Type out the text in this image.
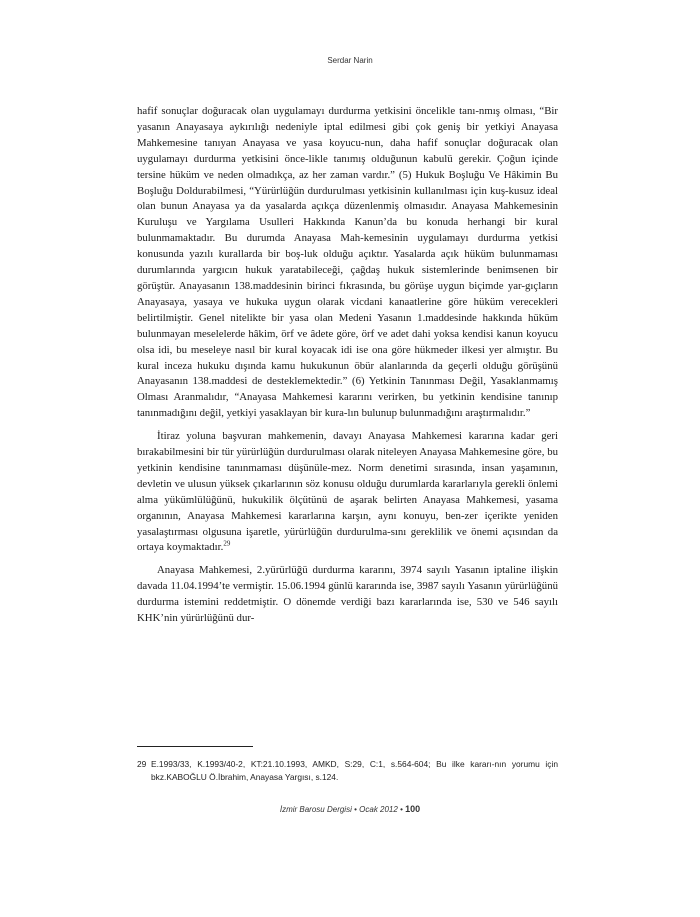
Serdar Narin

hafif sonuçlar doğuracak olan uygulamayı durdurma yetkisini öncelikle tanı-nmış olması, “Bir yasanın Anayasaya aykırılığı nedeniyle iptal edilmesi gibi çok geniş bir yetkiyi Anayasa Mahkemesine tanıyan Anayasa ve yasa koyucu-nun, daha hafif sonuçlar doğuracak olan uygulamayı durdurma yetkisini önce-likle tanımış olduğunun kabulü gerekir. Çoğun içinde tersine hüküm ve neden olmadıkça, az her zaman vardır.” (5) Hukuk Boşluğu Ve Hâkimin Bu Boşluğu Doldurabilmesi, “Yürürlüğün durdurulması yetkisinin kullanılması için kuş-kusuz ideal olan bunun Anayasa ya da yasalarda açıkça düzenlenmiş olmasıdır. Anayasa Mahkemesinin Kuruluşu ve Yargılama Usulleri Hakkında Kanun’da bu konuda herhangi bir kural bulunmamaktadır. Bu durumda Anayasa Mah-kemesinin uygulamayı durdurma yetkisi konusunda yazılı kurallarda bir boş-luk olduğu açıktır. Yasalarda açık hüküm bulunmaması durumlarında yargıcın hukuk yaratabileceği, çağdaş hukuk sistemlerinde benimsenen bir görüştür. Anayasanın 138.maddesinin birinci fıkrasında, bu görüşe uygun biçimde yar-gıçların Anayasaya, yasaya ve hukuka uygun olarak vicdani kanaatlerine göre hüküm verecekleri belirtilmiştir. Genel nitelikte bir yasa olan Medeni Yasanın 1.maddesinde hakkında hüküm bulunmayan meselelerde hâkim, örf ve âdete göre, örf ve adet dahi yoksa kendisi kanun koyucu olsa idi, bu meseleye nasıl bir kural koyacak idi ise ona göre hükmeder ilkesi yer almıştır. Bu kural inceza hukuku dışında kamu hukukunun öbür alanlarında da geçerli olduğu görüşünü Anayasanın 138.maddesi de desteklemektedir.” (6) Yetkinin Tanınması Değil, Yasaklanmamış Olması Aranmalıdır, “Anayasa Mahkemesi kararını verirken, bu yetkinin kendisine tanınıp tanınmadığını değil, yetkiyi yasaklayan bir kura-lın bulunup bulunmadığını araştırmalıdır.”

İtiraz yoluna başvuran mahkemenin, davayı Anayasa Mahkemesi kararına kadar geri bırakabilmesini bir tür yürürlüğün durdurulması olarak niteleyen Anayasa Mahkemesine göre, bu yetkinin kendisine tanınmaması düşünüle-mez. Norm denetimi sırasında, insan yaşamının, devletin ve ulusun yüksek çıkarlarının söz konusu olduğu durumlarda kararlarıyla gerekli önlemi alma yükümlülüğünü, hukukilik ölçütünü de aşarak belirten Anayasa Mahkemesi, yasama organının, Anayasa Mahkemesi kararlarına karşın, aynı konuyu, ben-zer içerikte yeniden yasalaştırması olgusuna işaretle, yürürlüğün durdurulma-sını gereklilik ve önemi açısından da ortaya koymaktadır.$^{29}$

Anayasa Mahkemesi, 2.yürürlüğü durdurma kararını, 3974 sayılı Yasanın iptaline ilişkin davada 11.04.1994’te vermiştir. 15.06.1994 günlü kararında ise, 3987 sayılı Yasanın yürürlüğünü durdurma istemini reddetmiştir. O dönemde verdiği bazı kararlarında ise, 530 ve 546 sayılı KHK’nin yürürlüğünü dur-

29 E.1993/33, K.1993/40-2, KT:21.10.1993, AMKD, S:29, C:1, s.564-604; Bu ilke kararı-nın yorumu için bkz.KABOĞLU Ö.İbrahim, Anayasa Yargısı, s.124.
İzmir Barosu Dergisi • Ocak 2012 • 100
